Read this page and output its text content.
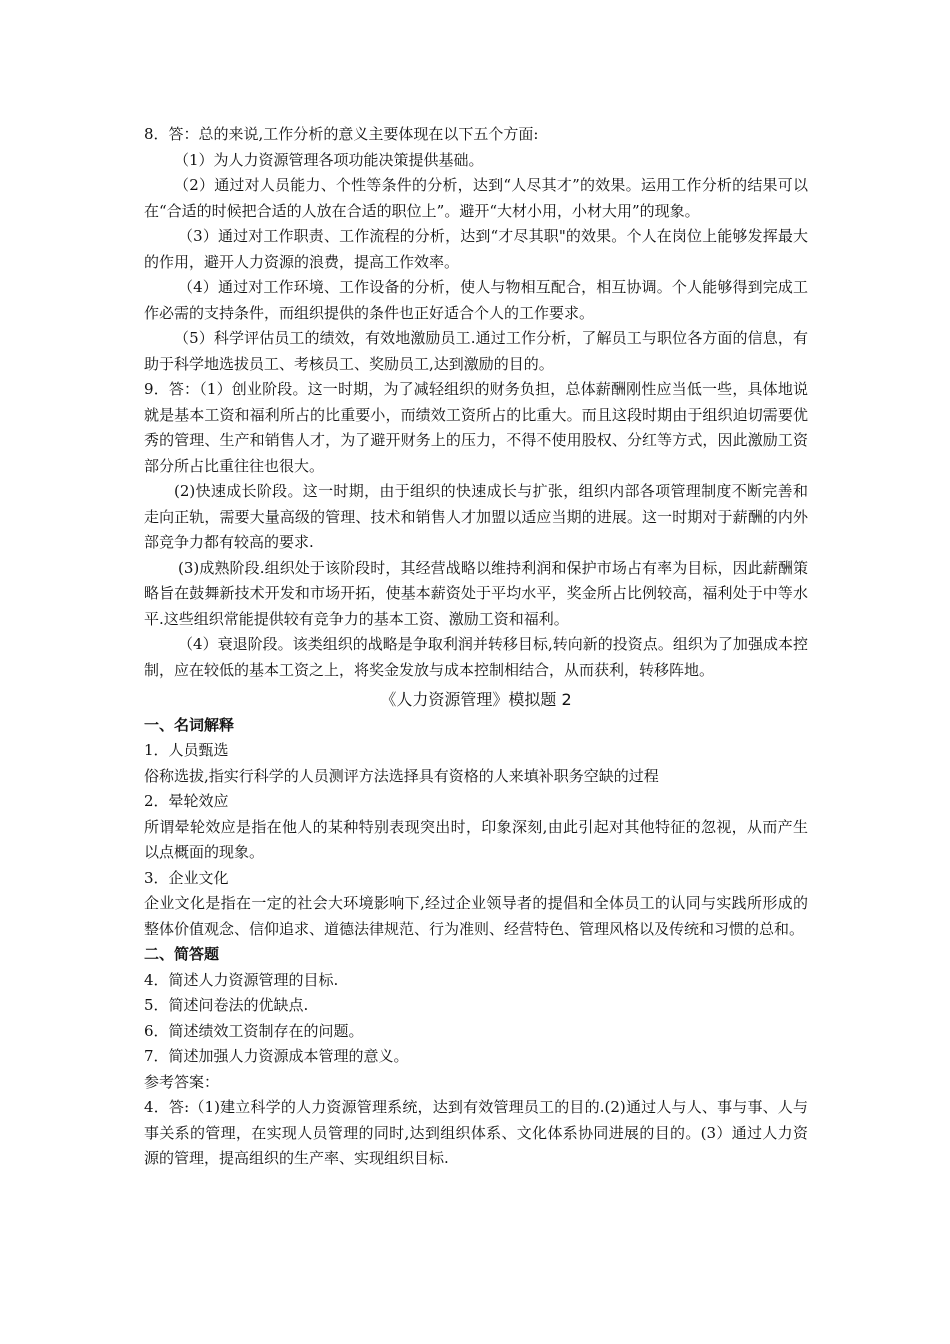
8．答：总的来说,工作分析的意义主要体现在以下五个方面:

（1）为人力资源管理各项功能决策提供基础。

（2）通过对人员能力、个性等条件的分析，达到“人尽其才”的效果。运用工作分析的结果可以在“合适的时候把合适的人放在合适的职位上”。避开“大材小用，小材大用”的现象。

（3）通过对工作职责、工作流程的分析，达到“才尽其职"的效果。个人在岗位上能够发挥最大的作用，避开人力资源的浪费，提高工作效率。

（4）通过对工作环境、工作设备的分析，使人与物相互配合，相互协调。个人能够得到完成工作必需的支持条件，而组织提供的条件也正好适合个人的工作要求。

（5）科学评估员工的绩效，有效地激励员工.通过工作分析，了解员工与职位各方面的信息，有助于科学地选拔员工、考核员工、奖励员工,达到激励的目的。

9．答：（1）创业阶段。这一时期，为了减轻组织的财务负担，总体薪酬刚性应当低一些，具体地说就是基本工资和福利所占的比重要小，而绩效工资所占的比重大。而且这段时期由于组织迫切需要优秀的管理、生产和销售人才，为了避开财务上的压力，不得不使用股权、分红等方式，因此激励工资部分所占比重往往也很大。

(2)快速成长阶段。这一时期，由于组织的快速成长与扩张，组织内部各项管理制度不断完善和走向正轨，需要大量高级的管理、技术和销售人才加盟以适应当期的进展。这一时期对于薪酬的内外部竞争力都有较高的要求.

(3)成熟阶段.组织处于该阶段时，其经营战略以维持利润和保护市场占有率为目标，因此薪酬策略旨在鼓舞新技术开发和市场开拓，使基本薪资处于平均水平，奖金所占比例较高，福利处于中等水平.这些组织常能提供较有竞争力的基本工资、激励工资和福利。

（4）衰退阶段。该类组织的战略是争取利润并转移目标,转向新的投资点。组织为了加强成本控制，应在较低的基本工资之上，将奖金发放与成本控制相结合，从而获利，转移阵地。

《人力资源管理》模拟题 2

一、名词解释

1．人员甄选

俗称选拔,指实行科学的人员测评方法选择具有资格的人来填补职务空缺的过程

2．晕轮效应

所谓晕轮效应是指在他人的某种特别表现突出时，印象深刻,由此引起对其他特征的忽视，从而产生以点概面的现象。

3．企业文化

企业文化是指在一定的社会大环境影响下,经过企业领导者的提倡和全体员工的认同与实践所形成的整体价值观念、信仰追求、道德法律规范、行为准则、经营特色、管理风格以及传统和习惯的总和。

二、简答题

4．简述人力资源管理的目标.

5．简述问卷法的优缺点.

6．简述绩效工资制存在的问题。

7．简述加强人力资源成本管理的意义。

参考答案：

4．答:（1)建立科学的人力资源管理系统，达到有效管理员工的目的.(2)通过人与人、事与事、人与事关系的管理，在实现人员管理的同时,达到组织体系、文化体系协同进展的目的。(3）通过人力资源的管理，提高组织的生产率、实现组织目标.
